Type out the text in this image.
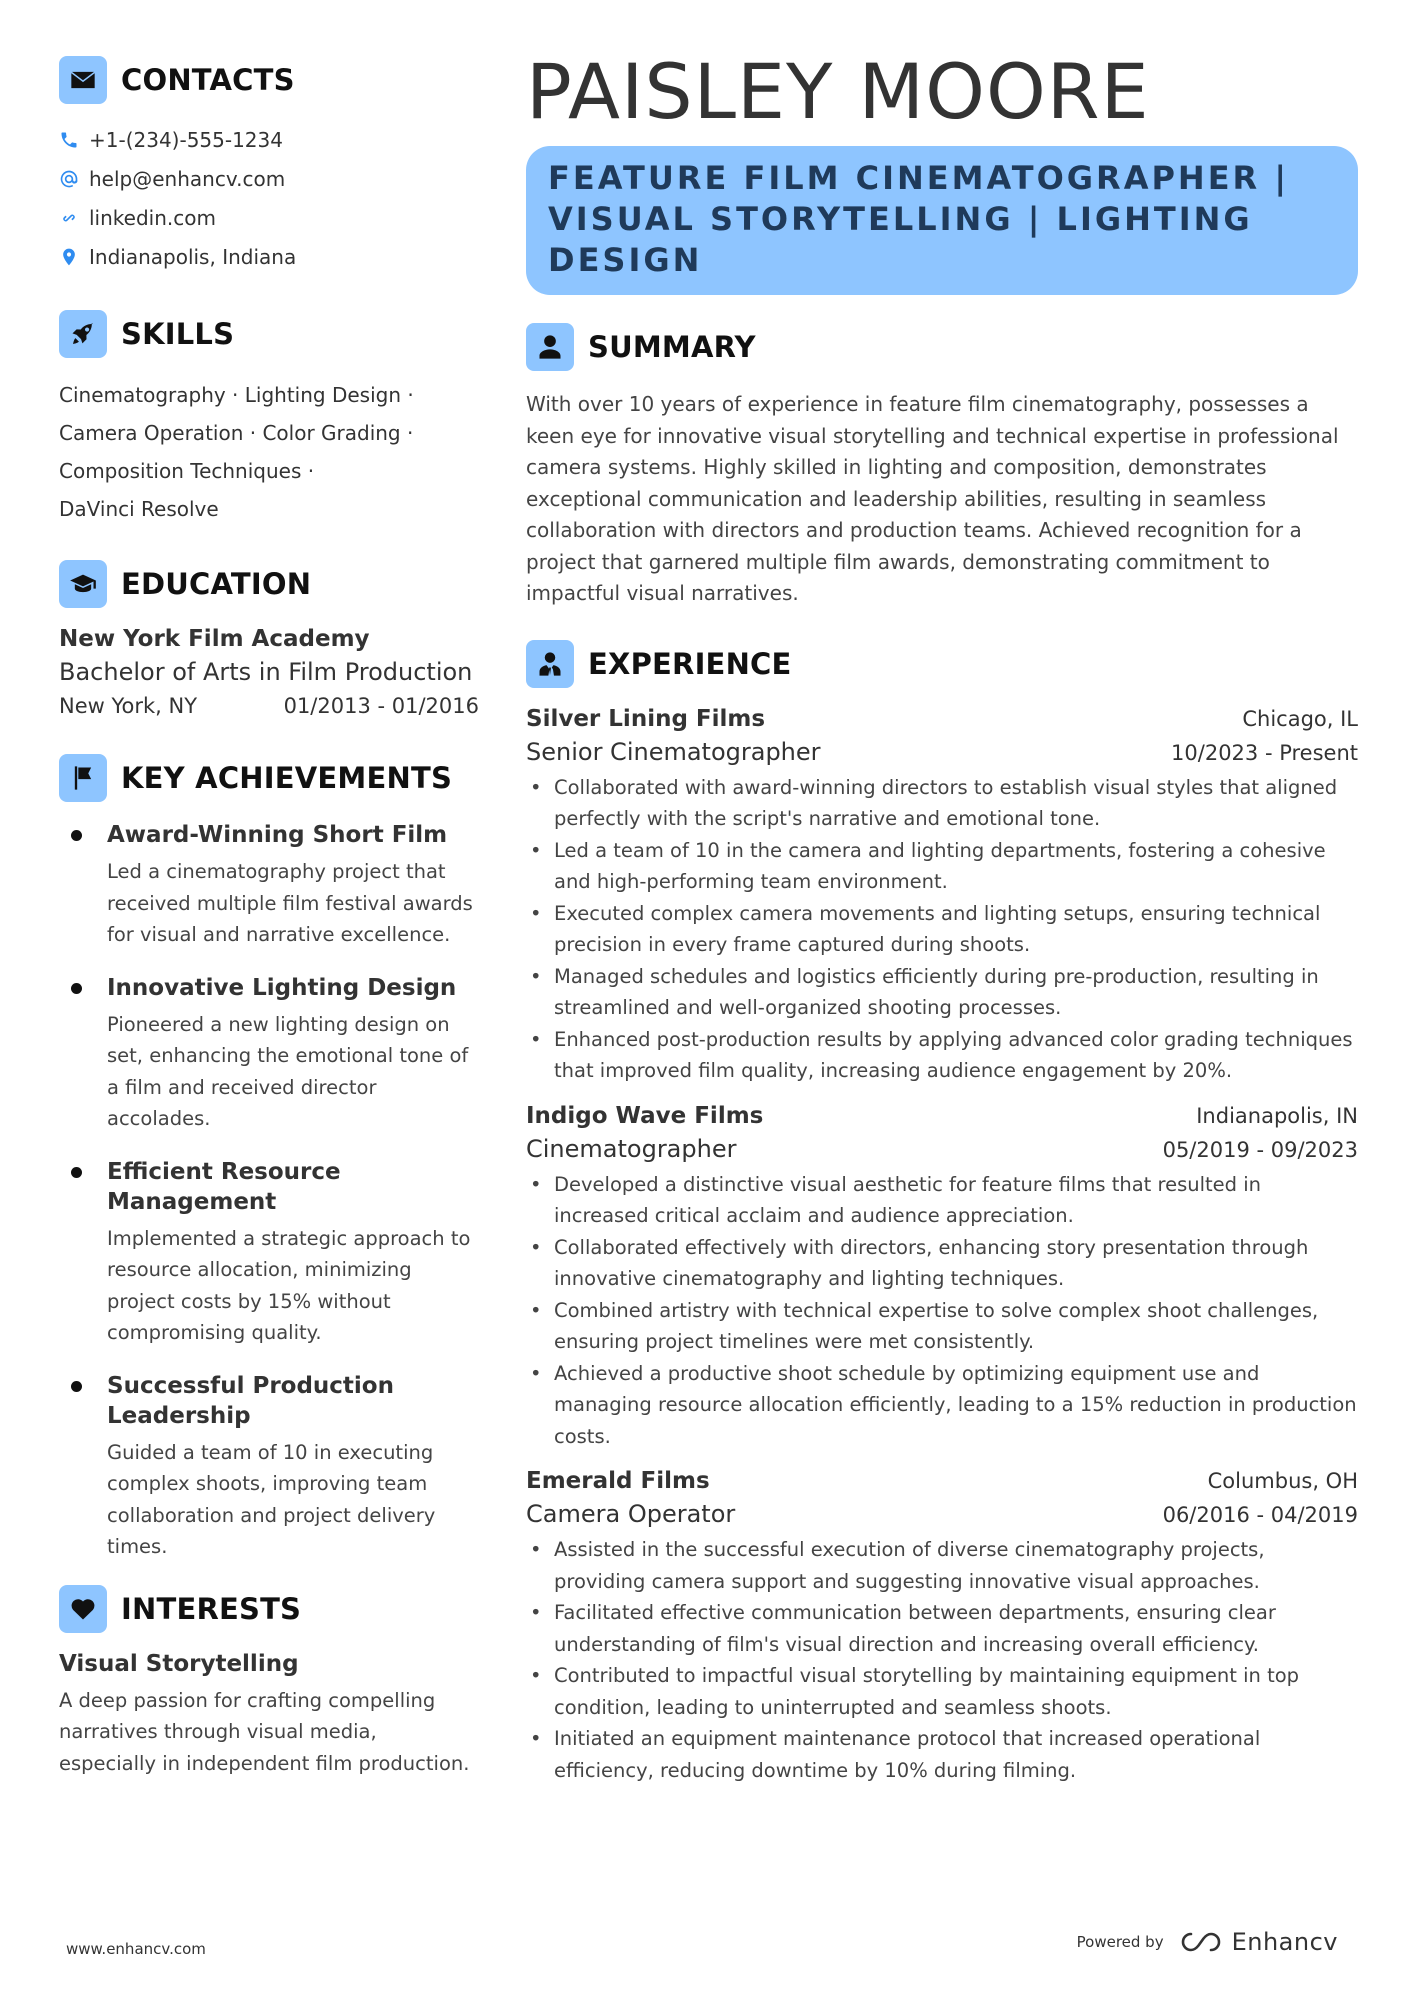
CONTACTS
+1-(234)-555-1234
help@enhancv.com
linkedin.com
Indianapolis, Indiana
SKILLS
Cinematography · Lighting Design ·
Camera Operation · Color Grading ·
Composition Techniques ·
DaVinci Resolve
EDUCATION
New York Film Academy
Bachelor of Arts in Film Production
New York, NY	01/2013 - 01/2016
KEY ACHIEVEMENTS
Award-Winning Short Film
Led a cinematography project that received multiple film festival awards for visual and narrative excellence.
Innovative Lighting Design
Pioneered a new lighting design on set, enhancing the emotional tone of a film and received director accolades.
Efficient Resource Management
Implemented a strategic approach to resource allocation, minimizing project costs by 15% without compromising quality.
Successful Production Leadership
Guided a team of 10 in executing complex shoots, improving team collaboration and project delivery times.
INTERESTS
Visual Storytelling
A deep passion for crafting compelling narratives through visual media, especially in independent film production.
PAISLEY MOORE
FEATURE FILM CINEMATOGRAPHER | VISUAL STORYTELLING | LIGHTING DESIGN
SUMMARY
With over 10 years of experience in feature film cinematography, possesses a keen eye for innovative visual storytelling and technical expertise in professional camera systems. Highly skilled in lighting and composition, demonstrates exceptional communication and leadership abilities, resulting in seamless collaboration with directors and production teams. Achieved recognition for a project that garnered multiple film awards, demonstrating commitment to impactful visual narratives.
EXPERIENCE
Silver Lining Films	Chicago, IL
Senior Cinematographer	10/2023 - Present
• Collaborated with award-winning directors to establish visual styles that aligned perfectly with the script's narrative and emotional tone.
• Led a team of 10 in the camera and lighting departments, fostering a cohesive and high-performing team environment.
• Executed complex camera movements and lighting setups, ensuring technical precision in every frame captured during shoots.
• Managed schedules and logistics efficiently during pre-production, resulting in streamlined and well-organized shooting processes.
• Enhanced post-production results by applying advanced color grading techniques that improved film quality, increasing audience engagement by 20%.
Indigo Wave Films	Indianapolis, IN
Cinematographer	05/2019 - 09/2023
• Developed a distinctive visual aesthetic for feature films that resulted in increased critical acclaim and audience appreciation.
• Collaborated effectively with directors, enhancing story presentation through innovative cinematography and lighting techniques.
• Combined artistry with technical expertise to solve complex shoot challenges, ensuring project timelines were met consistently.
• Achieved a productive shoot schedule by optimizing equipment use and managing resource allocation efficiently, leading to a 15% reduction in production costs.
Emerald Films	Columbus, OH
Camera Operator	06/2016 - 04/2019
• Assisted in the successful execution of diverse cinematography projects, providing camera support and suggesting innovative visual approaches.
• Facilitated effective communication between departments, ensuring clear understanding of film's visual direction and increasing overall efficiency.
• Contributed to impactful visual storytelling by maintaining equipment in top condition, leading to uninterrupted and seamless shoots.
• Initiated an equipment maintenance protocol that increased operational efficiency, reducing downtime by 10% during filming.
www.enhancv.com	Powered by	Enhancv
